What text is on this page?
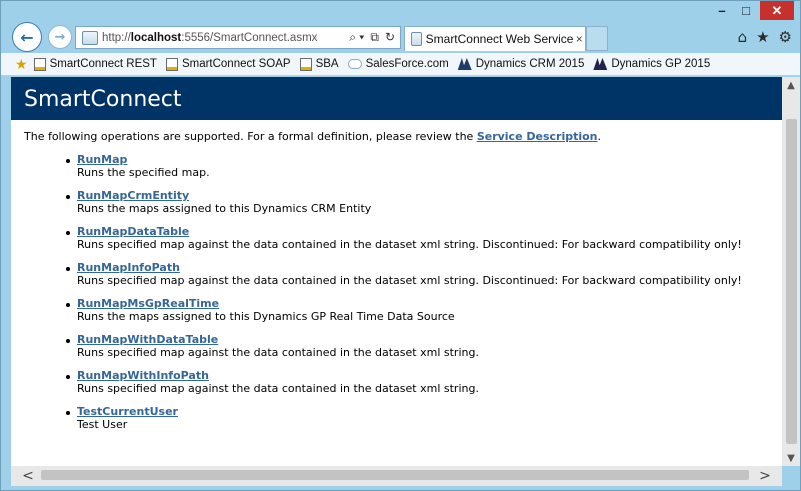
–	□	✕
←	→	http://localhost:5556/SmartConnect.asmx	⌕ ▾ ⧉ ↻	SmartConnect Web Service ×	⌂ ★ ⚙
★ SmartConnect REST SmartConnect SOAP SBA SalesForce.com Dynamics CRM 2015 Dynamics GP 2015
SmartConnect
The following operations are supported. For a formal definition, please review the Service Description.
RunMap
Runs the specified map.
RunMapCrmEntity
Runs the maps assigned to this Dynamics CRM Entity
RunMapDataTable
Runs specified map against the data contained in the dataset xml string. Discontinued: For backward compatibility only!
RunMapInfoPath
Runs specified map against the data contained in the dataset xml string. Discontinued: For backward compatibility only!
RunMapMsGpRealTime
Runs the maps assigned to this Dynamics GP Real Time Data Source
RunMapWithDataTable
Runs specified map against the data contained in the dataset xml string.
RunMapWithInfoPath
Runs specified map against the data contained in the dataset xml string.
TestCurrentUser
Test User
▲
▼
<	>
